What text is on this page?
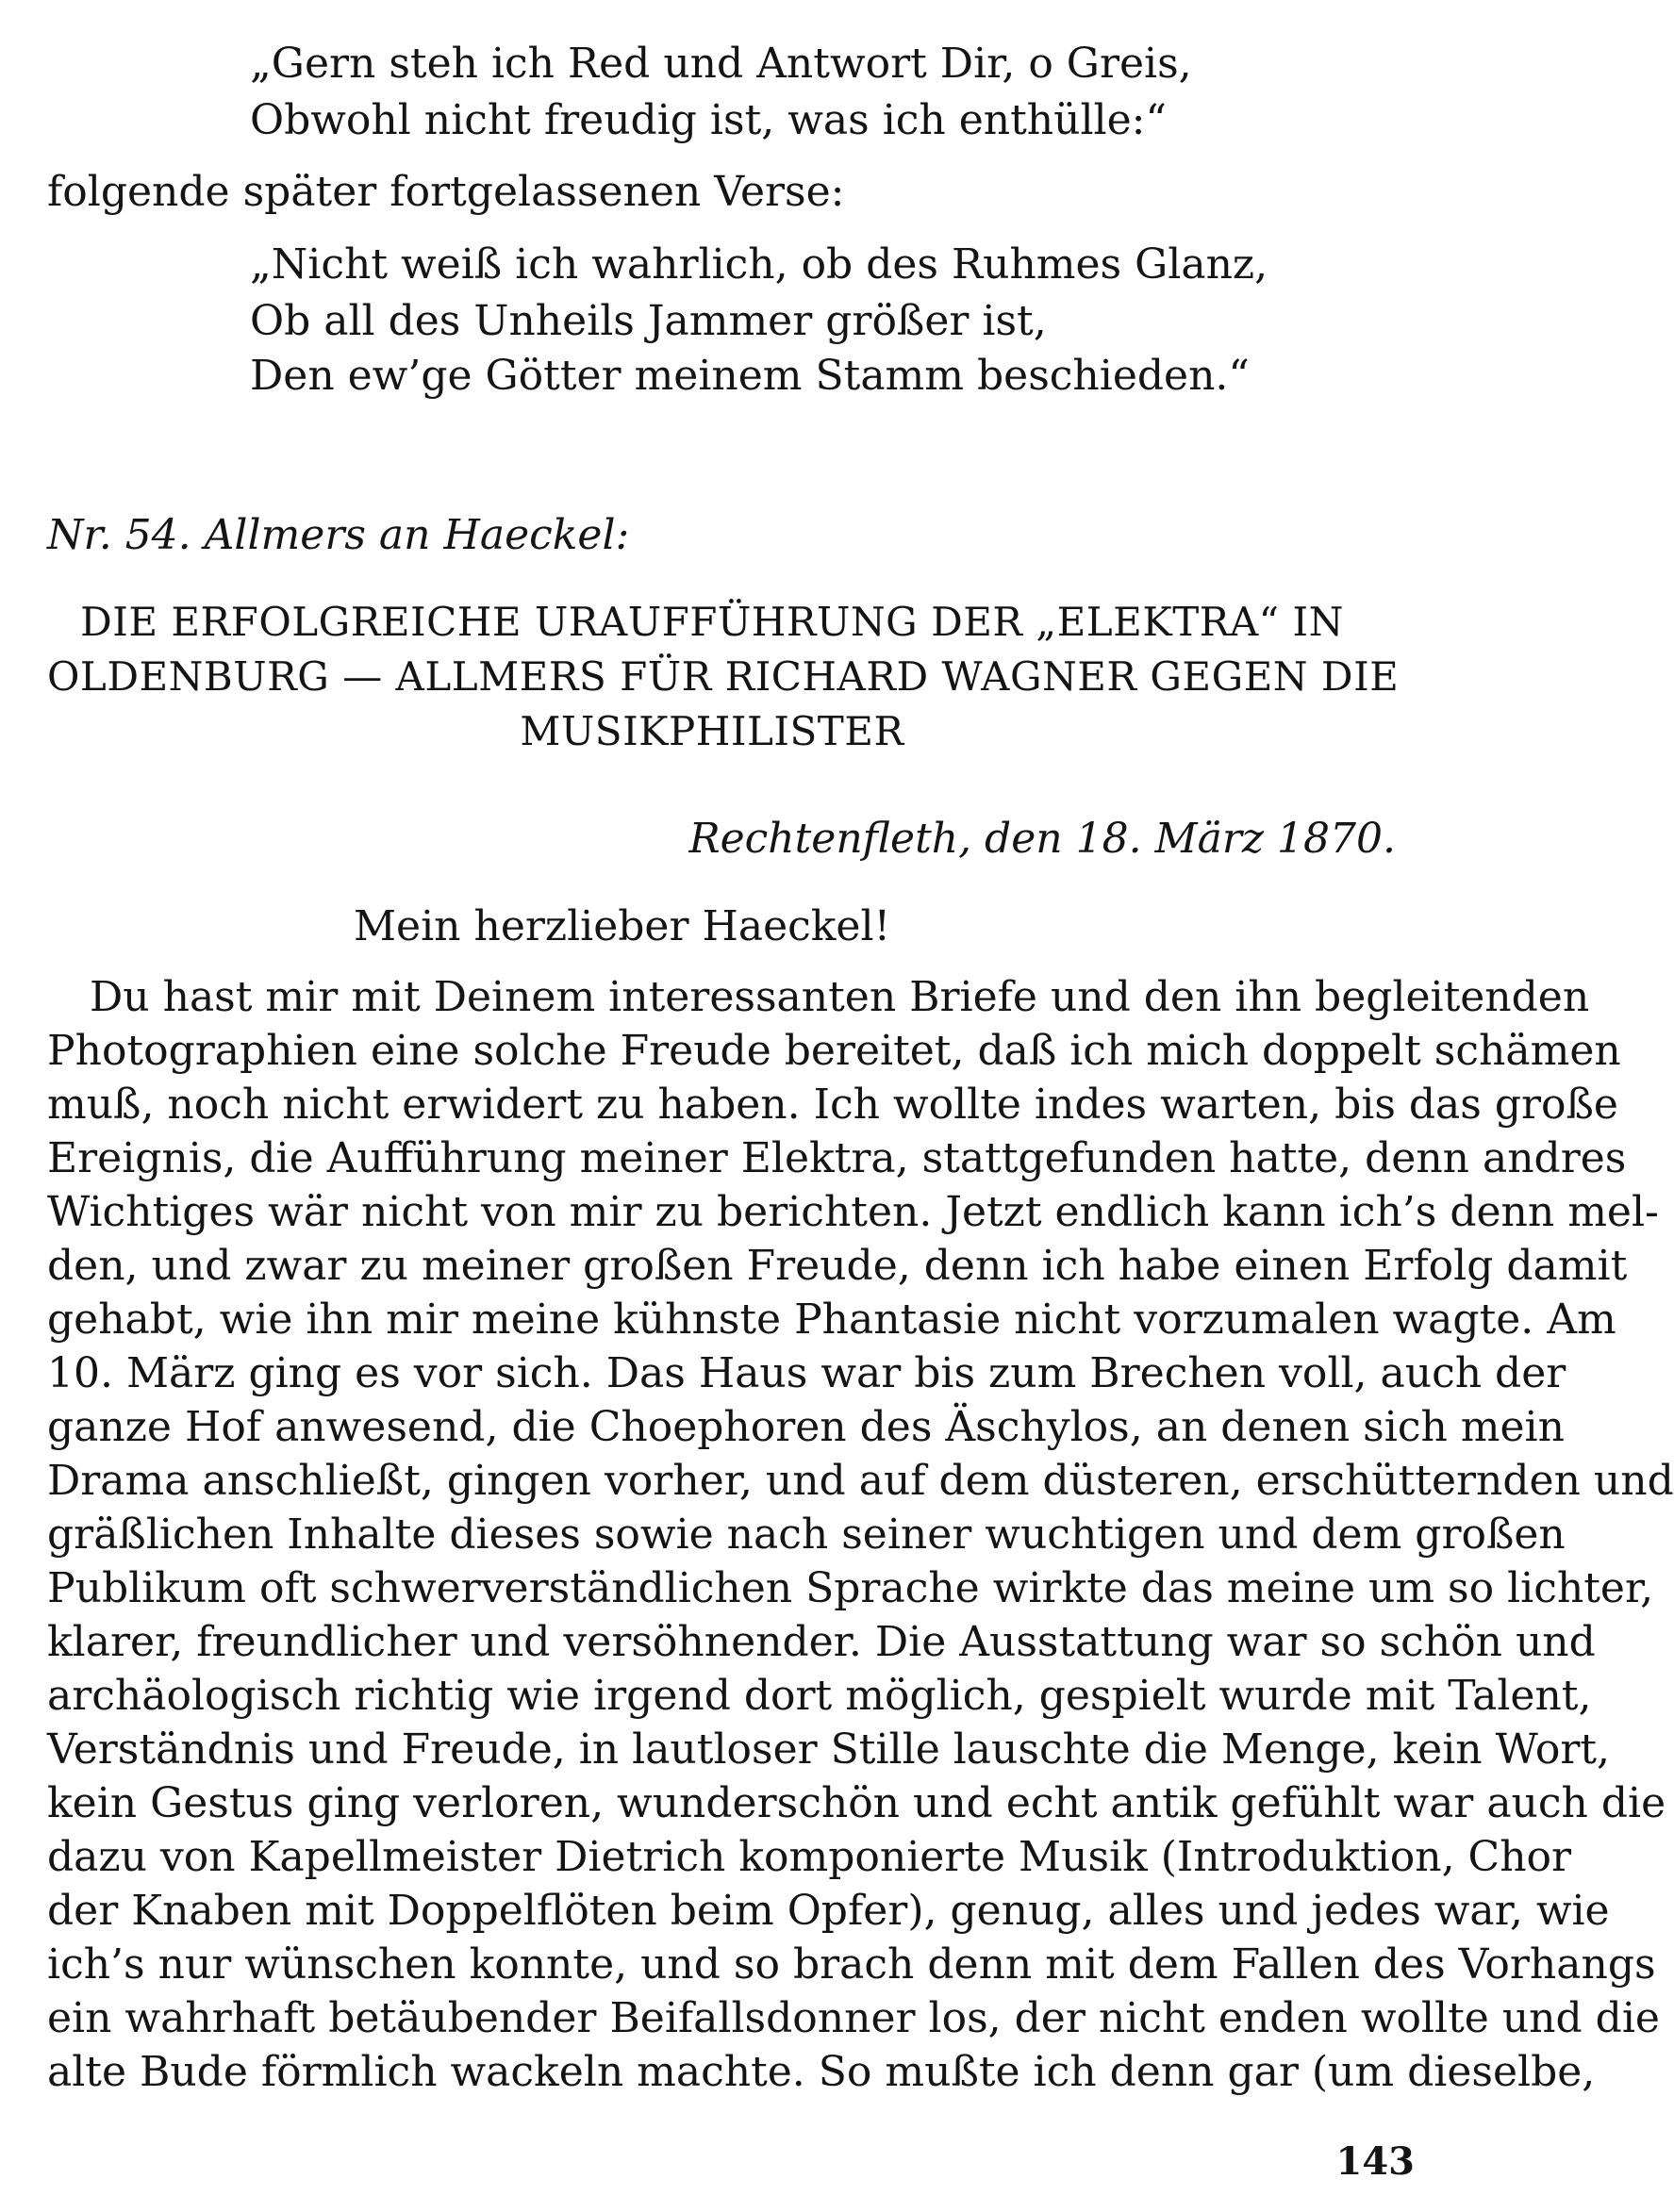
„Gern steh ich Red und Antwort Dir, o Greis,
Obwohl nicht freudig ist, was ich enthülle:“
folgende später fortgelassenen Verse:
„Nicht weiß ich wahrlich, ob des Ruhmes Glanz,
Ob all des Unheils Jammer größer ist,
Den ew’ge Götter meinem Stamm beschieden.“
Nr. 54. Allmers an Haeckel:
DIE ERFOLGREICHE URAUFFÜHRUNG DER „ELEKTRA“ IN
OLDENBURG — ALLMERS FÜR RICHARD WAGNER GEGEN DIE
MUSIKPHILISTER
Rechtenfleth, den 18. März 1870.
Mein herzlieber Haeckel!
Du hast mir mit Deinem interessanten Briefe und den ihn begleitenden
Photographien eine solche Freude bereitet, daß ich mich doppelt schämen
muß, noch nicht erwidert zu haben. Ich wollte indes warten, bis das große
Ereignis, die Aufführung meiner Elektra, stattgefunden hatte, denn andres
Wichtiges wär nicht von mir zu berichten. Jetzt endlich kann ich’s denn mel-
den, und zwar zu meiner großen Freude, denn ich habe einen Erfolg damit
gehabt, wie ihn mir meine kühnste Phantasie nicht vorzumalen wagte. Am
10. März ging es vor sich. Das Haus war bis zum Brechen voll, auch der
ganze Hof anwesend, die Choephoren des Äschylos, an denen sich mein
Drama anschließt, gingen vorher, und auf dem düsteren, erschütternden und
gräßlichen Inhalte dieses sowie nach seiner wuchtigen und dem großen
Publikum oft schwerverständlichen Sprache wirkte das meine um so lichter,
klarer, freundlicher und versöhnender. Die Ausstattung war so schön und
archäologisch richtig wie irgend dort möglich, gespielt wurde mit Talent,
Verständnis und Freude, in lautloser Stille lauschte die Menge, kein Wort,
kein Gestus ging verloren, wunderschön und echt antik gefühlt war auch die
dazu von Kapellmeister Dietrich komponierte Musik (Introduktion, Chor
der Knaben mit Doppelflöten beim Opfer), genug, alles und jedes war, wie
ich’s nur wünschen konnte, und so brach denn mit dem Fallen des Vorhangs
ein wahrhaft betäubender Beifallsdonner los, der nicht enden wollte und die
alte Bude förmlich wackeln machte. So mußte ich denn gar (um dieselbe,
143
